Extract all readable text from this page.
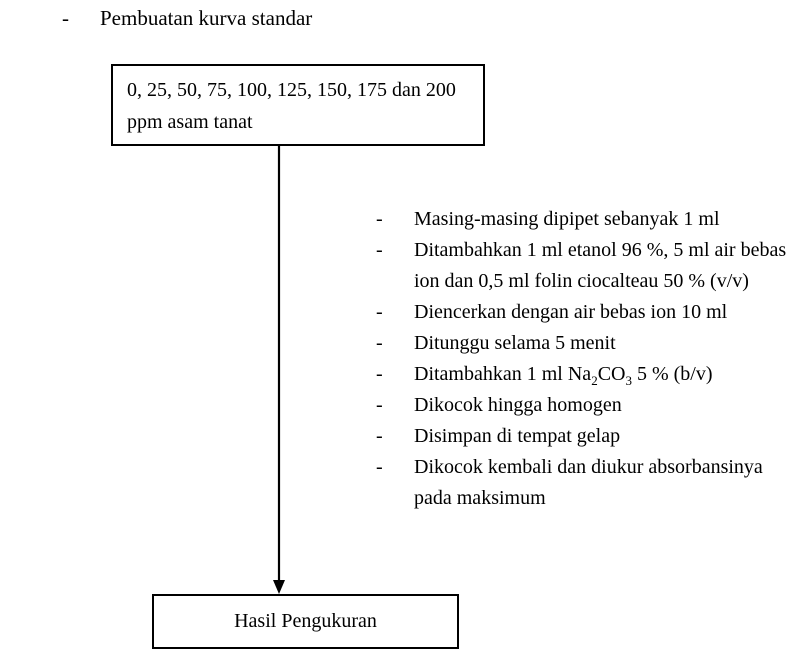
- Pembuatan kurva standar
0, 25, 50, 75, 100, 125, 150, 175 dan 200 ppm asam tanat
- Masing-masing dipipet sebanyak 1 ml
- Ditambahkan 1 ml etanol 96 %, 5 ml air bebas ion dan 0,5 ml folin ciocalteau 50 % (v/v)
- Diencerkan dengan air bebas ion 10 ml
- Ditunggu selama 5 menit
- Ditambahkan 1 ml $Na_2CO_3$ 5 % (b/v)
- Dikocok hingga homogen
- Disimpan di tempat gelap
- Dikocok kembali dan diukur absorbansinya pada maksimum
Hasil Pengukuran
